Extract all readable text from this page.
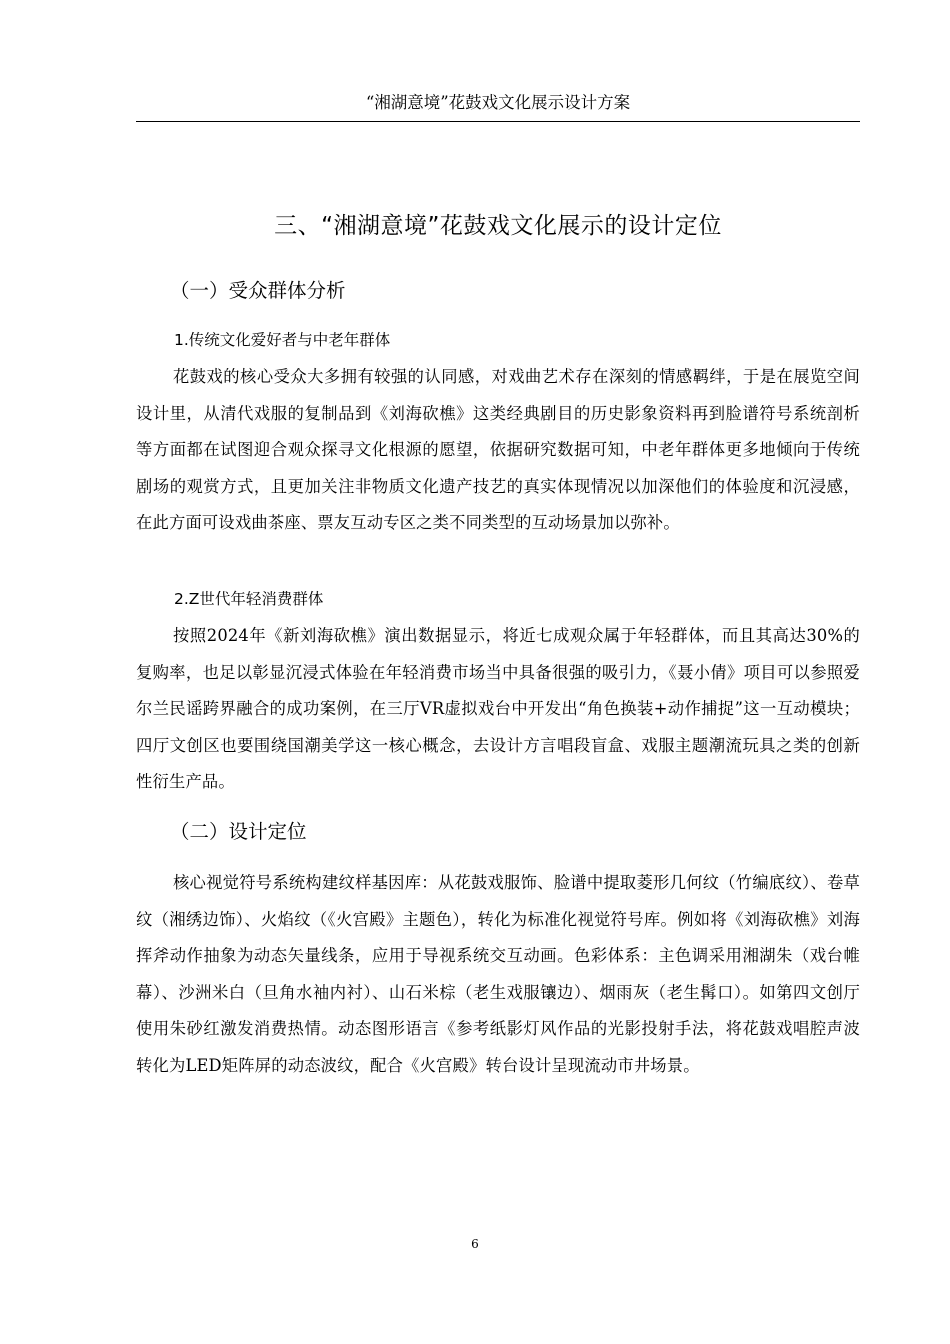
“湘湖意境”花鼓戏文化展示设计方案
三、“湘湖意境”花鼓戏文化展示的设计定位
（一）受众群体分析
1.传统文化爱好者与中老年群体

花鼓戏的核心受众大多拥有较强的认同感，对戏曲艺术存在深刻的情感羁绊，于是在展览空间设计里，从清代戏服的复制品到《刘海砍樵》这类经典剧目的历史影象资料再到脸谱符号系统剖析等方面都在试图迎合观众探寻文化根源的愿望，依据研究数据可知，中老年群体更多地倾向于传统剧场的观赏方式，且更加关注非物质文化遗产技艺的真实体现情况以加深他们的体验度和沉浸感，在此方面可设戏曲茶座、票友互动专区之类不同类型的互动场景加以弥补。

2.Z世代年轻消费群体

按照2024年《新刘海砍樵》演出数据显示，将近七成观众属于年轻群体，而且其高达30%的复购率，也足以彰显沉浸式体验在年轻消费市场当中具备很强的吸引力，《聂小倩》项目可以参照爱尔兰民谣跨界融合的成功案例，在三厅VR虚拟戏台中开发出“角色换装+动作捕捉”这一互动模块；四厅文创区也要围绕国潮美学这一核心概念，去设计方言唱段盲盒、戏服主题潮流玩具之类的创新性衍生产品。

（二）设计定位

核心视觉符号系统构建纹样基因库：从花鼓戏服饰、脸谱中提取菱形几何纹（竹编底纹）、卷草纹（湘绣边饰）、火焰纹（《火宫殿》主题色），转化为标准化视觉符号库。例如将《刘海砍樵》刘海挥斧动作抽象为动态矢量线条，应用于导视系统交互动画。色彩体系：主色调采用湘湖朱（戏台帷幕）、沙洲米白（旦角水袖内衬）、山石米棕（老生戏服镶边）、烟雨灰（老生髯口）。如第四文创厅使用朱砂红激发消费热情。动态图形语言《参考纸影灯风作品的光影投射手法，将花鼓戏唱腔声波转化为LED矩阵屏的动态波纹，配合《火宫殿》转台设计呈现流动市井场景。

6
